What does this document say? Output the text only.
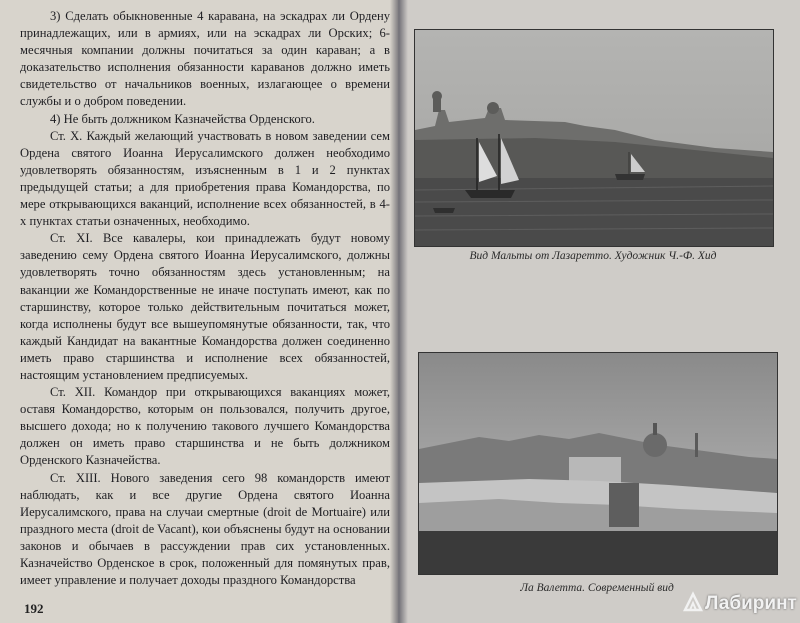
3) Сделать обыкновенные 4 каравана, на эскадрах ли Ордену принадлежащих, или в армиях, или на эскадрах ли Орских; 6-месячныя компании должны почитаться за один караван; а в доказательство исполнения обязанности караванов должно иметь свидетельство от начальников военных, излагающее о времени службы и о добром поведении.

4) Не быть должником Казначейства Орденского.

Ст. X. Каждый желающий участвовать в новом заведении сем Ордена святого Иоанна Иерусалимского должен необходимо удовлетворять обязанностям, изъясненным в 1 и 2 пунктах предыдущей статьи; а для приобретения права Командорства, по мере открывающихся ваканций, исполнение всех обязанностей, в 4-х пунктах статьи означенных, необходимо.

Ст. XI. Все кавалеры, кои принадлежать будут новому заведению сему Ордена святого Иоанна Иерусалимского, должны удовлетворять точно обязанностям здесь установленным; на ваканции же Командорственные не иначе поступать имеют, как по старшинству, которое только действительным почитаться может, когда исполнены будут все вышеупомянутые обязанности, так, что каждый Кандидат на вакантные Командорства должен соединенно иметь право старшинства и исполнение всех обязанностей, настоящим установлением предписуемых.

Ст. XII. Командор при открывающихся ваканциях может, оставя Командорство, которым он пользовался, получить другое, высшего дохода; но к получению такового лучшего Командорства должен он иметь право старшинства и не быть должником Орденского Казначейства.

Ст. XIII. Нового заведения сего 98 командорств имеют наблюдать, как и все другие Ордена святого Иоанна Иерусалимского, права на случаи смертные (droit de Mortuaire) или праздного места (droit de Vacant), кои объяснены будут на основании законов и обычаев в рассуждении прав сих установленных. Казначейство Орденское в срок, положенный для помянутых прав, имеет управление и получает доходы праздного Командорства

192
Вид Мальты от Лазаретто. Художник Ч.-Ф. Хид
Ла Валетта. Современный вид
Лабиринт
